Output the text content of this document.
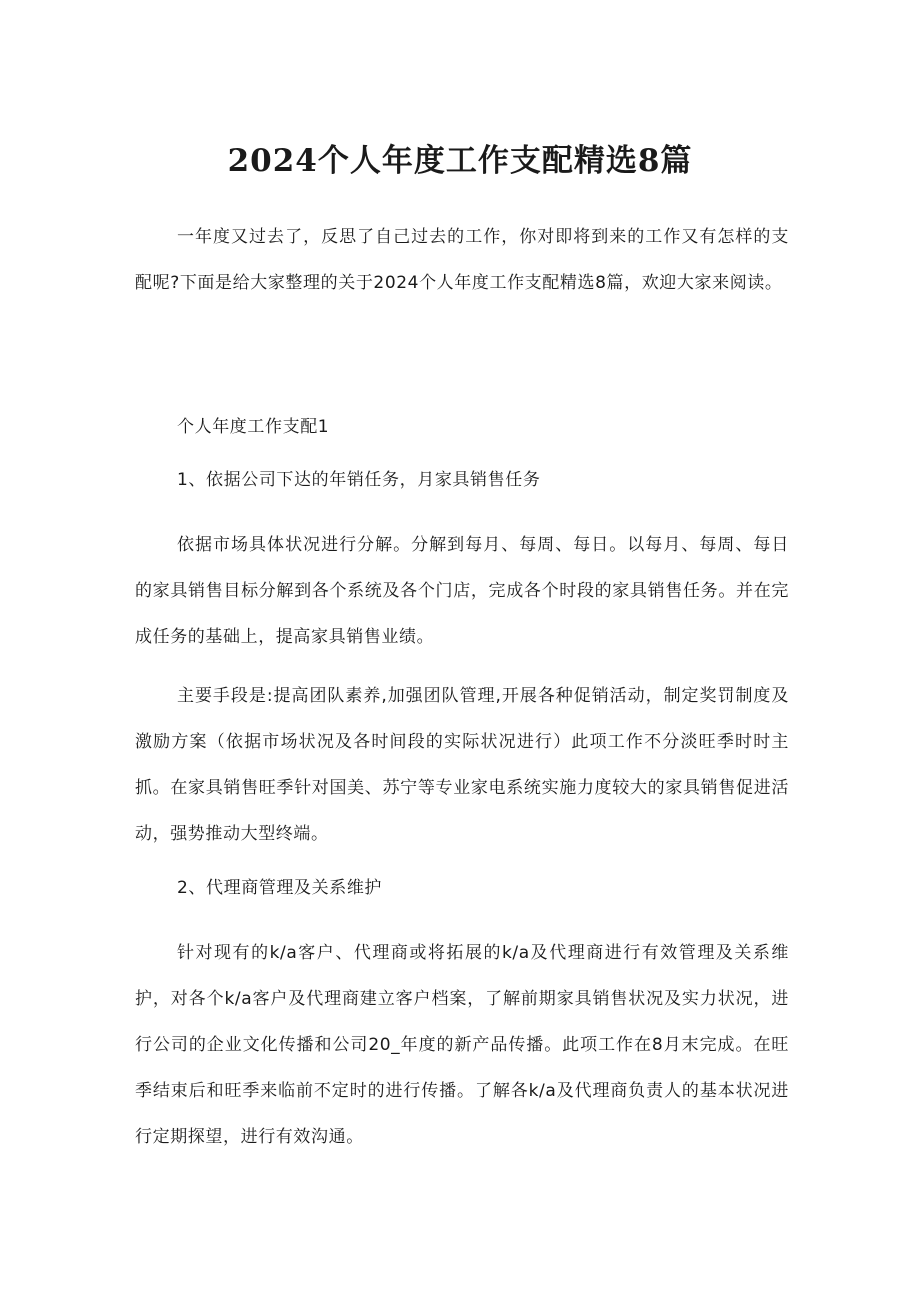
2024个人年度工作支配精选8篇

一年度又过去了，反思了自己过去的工作，你对即将到来的工作又有怎样的支配呢?下面是给大家整理的关于2024个人年度工作支配精选8篇，欢迎大家来阅读。

个人年度工作支配1

1、依据公司下达的年销任务，月家具销售任务

依据市场具体状况进行分解。分解到每月、每周、每日。以每月、每周、每日的家具销售目标分解到各个系统及各个门店，完成各个时段的家具销售任务。并在完成任务的基础上，提高家具销售业绩。

主要手段是:提高团队素养,加强团队管理,开展各种促销活动，制定奖罚制度及激励方案（依据市场状况及各时间段的实际状况进行）此项工作不分淡旺季时时主抓。在家具销售旺季针对国美、苏宁等专业家电系统实施力度较大的家具销售促进活动，强势推动大型终端。

2、代理商管理及关系维护

针对现有的k/a客户、代理商或将拓展的k/a及代理商进行有效管理及关系维护，对各个k/a客户及代理商建立客户档案，了解前期家具销售状况及实力状况，进行公司的企业文化传播和公司20_年度的新产品传播。此项工作在8月末完成。在旺季结束后和旺季来临前不定时的进行传播。了解各k/a及代理商负责人的基本状况进行定期探望，进行有效沟通。
